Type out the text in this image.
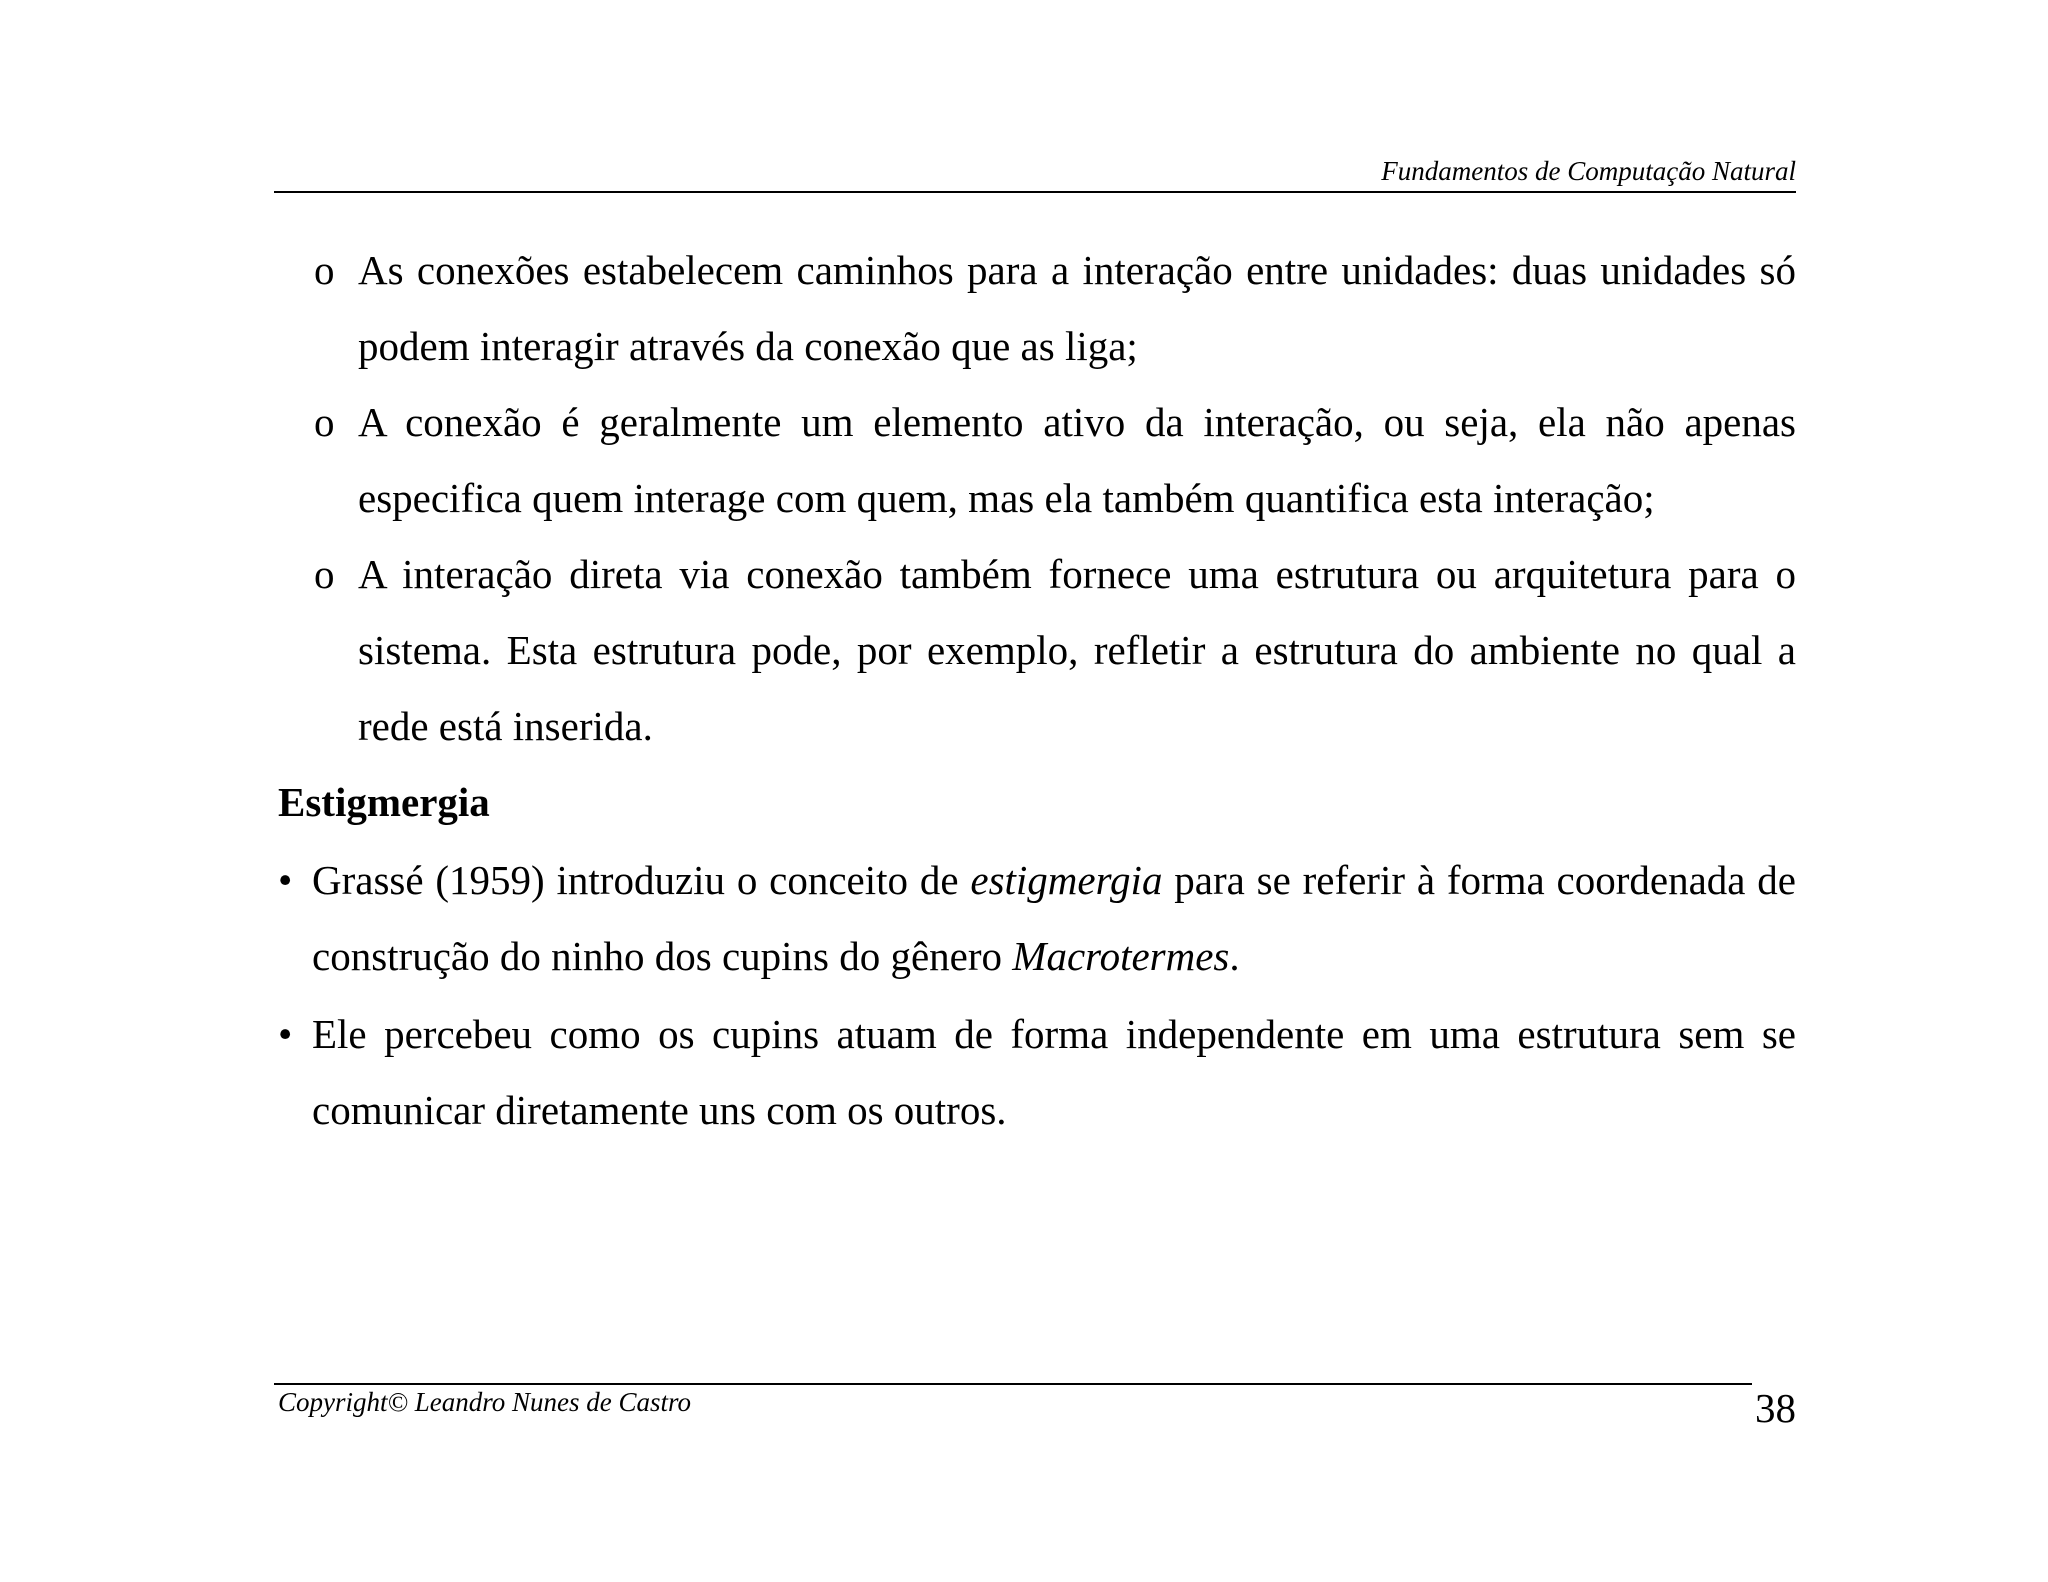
Fundamentos de Computação Natural
o As conexões estabelecem caminhos para a interação entre unidades: duas unidades só podem interagir através da conexão que as liga;
o A conexão é geralmente um elemento ativo da interação, ou seja, ela não apenas especifica quem interage com quem, mas ela também quantifica esta interação;
o A interação direta via conexão também fornece uma estrutura ou arquitetura para o sistema. Esta estrutura pode, por exemplo, refletir a estrutura do ambiente no qual a rede está inserida.
Estigmergia
• Grassé (1959) introduziu o conceito de estigmergia para se referir à forma coordenada de construção do ninho dos cupins do gênero Macrotermes.
• Ele percebeu como os cupins atuam de forma independente em uma estrutura sem se comunicar diretamente uns com os outros.
Copyright© Leandro Nunes de Castro	38
